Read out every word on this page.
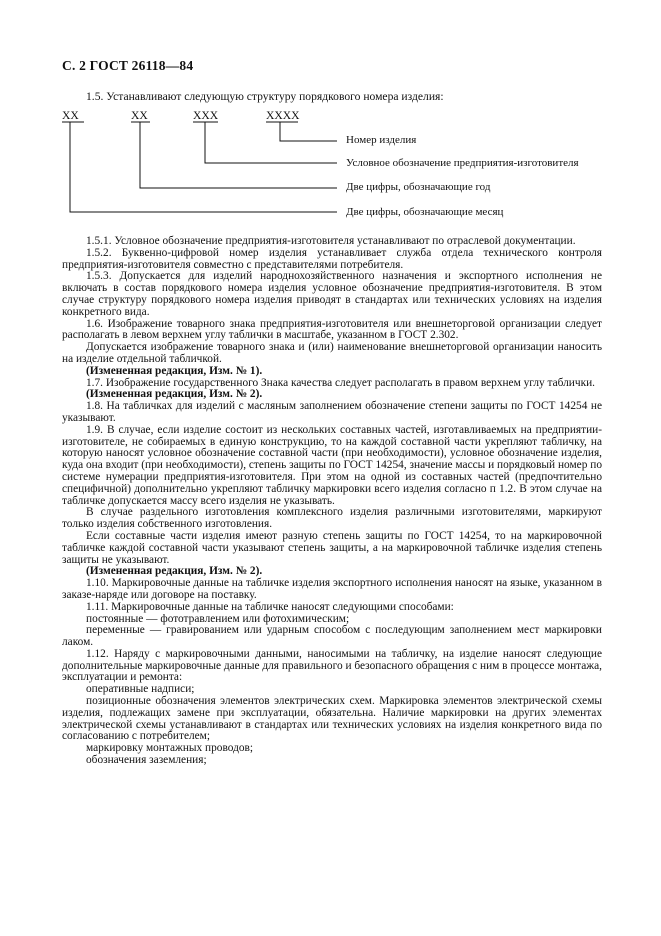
С. 2 ГОСТ 26118—84
1.5. Устанавливают следующую структуру порядкового номера изделия:
XX	XX	XXX	XXXX
Номер изделия
Условное обозначение предприятия-изготовителя
Две цифры, обозначающие год
Две цифры, обозначающие месяц

1.5.1. Условное обозначение предприятия-изготовителя устанавливают по отраслевой документации.

1.5.2. Буквенно-цифровой номер изделия устанавливает служба отдела технического контроля предприятия-изготовителя совместно с представителями потребителя.

1.5.3. Допускается для изделий народнохозяйственного назначения и экспортного исполнения не включать в состав порядкового номера изделия условное обозначение предприятия-изготовителя. В этом случае структуру порядкового номера изделия приводят в стандартах или технических условиях на изделия конкретного вида.

1.6. Изображение товарного знака предприятия-изготовителя или внешнеторговой организации следует располагать в левом верхнем углу таблички в масштабе, указанном в ГОСТ 2.302.

Допускается изображение товарного знака и (или) наименование внешнеторговой организации наносить на изделие отдельной табличкой.

(Измененная редакция, Изм. № 1).

1.7. Изображение государственного Знака качества следует располагать в правом верхнем углу таблички.

(Измененная редакция, Изм. № 2).

1.8. На табличках для изделий с масляным заполнением обозначение степени защиты по ГОСТ 14254 не указывают.

1.9. В случае, если изделие состоит из нескольких составных частей, изготавливаемых на предприятии-изготовителе, не собираемых в единую конструкцию, то на каждой составной части укрепляют табличку, на которую наносят условное обозначение составной части (при необходимости), условное обозначение изделия, куда она входит (при необходимости), степень защиты по ГОСТ 14254, значение массы и порядковый номер по системе нумерации предприятия-изготовителя. При этом на одной из составных частей (предпочтительно специфичной) дополнительно укрепляют табличку маркировки всего изделия согласно п 1.2. В этом случае на табличке допускается массу всего изделия не указывать.

В случае раздельного изготовления комплексного изделия различными изготовителями, маркируют только изделия собственного изготовления.

Если составные части изделия имеют разную степень защиты по ГОСТ 14254, то на маркировочной табличке каждой составной части указывают степень защиты, а на маркировочной табличке изделия степень защиты не указывают.

(Измененная редакция, Изм. № 2).

1.10. Маркировочные данные на табличке изделия экспортного исполнения наносят на языке, указанном в заказе-наряде или договоре на поставку.

1.11. Маркировочные данные на табличке наносят следующими способами:

постоянные — фототравлением или фотохимическим;

переменные — гравированием или ударным способом с последующим заполнением мест маркировки лаком.

1.12. Наряду с маркировочными данными, наносимыми на табличку, на изделие наносят следующие дополнительные маркировочные данные для правильного и безопасного обращения с ним в процессе монтажа, эксплуатации и ремонта:

оперативные надписи;

позиционные обозначения элементов электрических схем. Маркировка элементов электрической схемы изделия, подлежащих замене при эксплуатации, обязательна. Наличие маркировки на других элементах электрической схемы устанавливают в стандартах или технических условиях на изделия конкретного вида по согласованию с потребителем;

маркировку монтажных проводов;

обозначения заземления;
